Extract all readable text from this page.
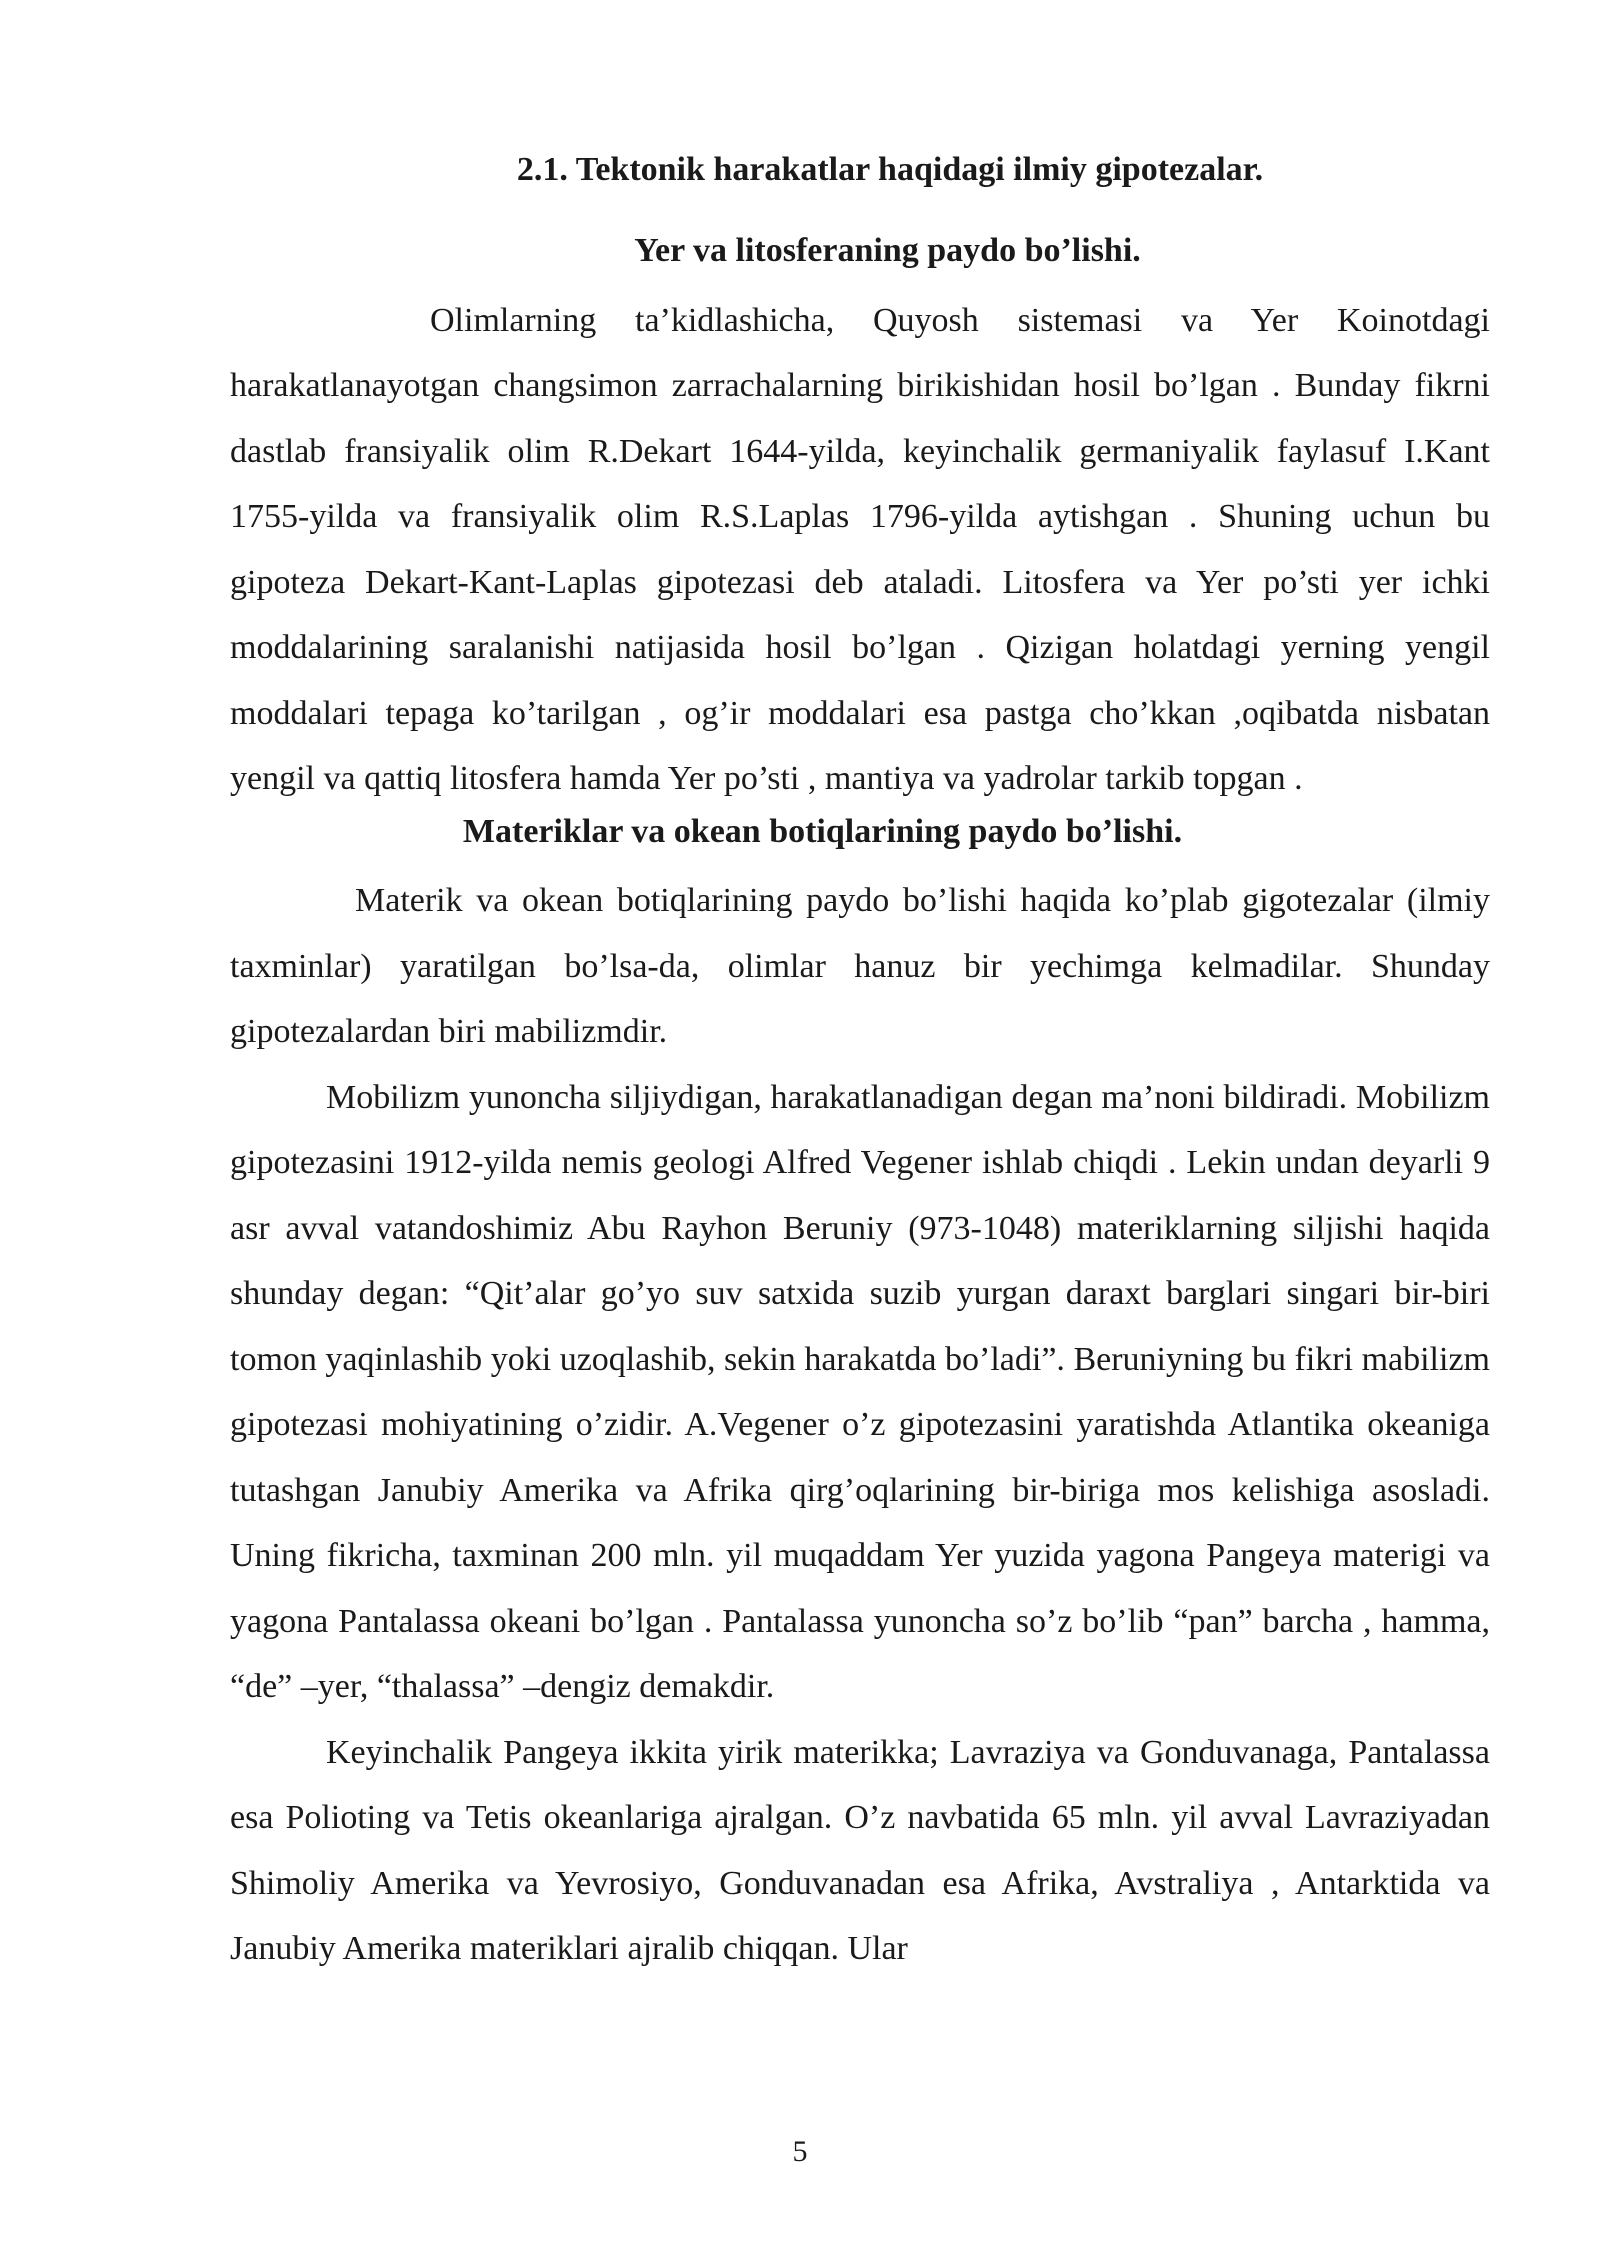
2.1. Tektonik harakatlar haqidagi ilmiy gipotezalar.
Yer va litosferaning paydo bo’lishi.

Olimlarning ta’kidlashicha, Quyosh sistemasi va Yer Koinotdagi harakatlanayotgan changsimon zarrachalarning birikishidan hosil bo’lgan . Bunday fikrni dastlab fransiyalik olim R.Dekart 1644-yilda, keyinchalik germaniyalik faylasuf I.Kant 1755-yilda va fransiyalik olim R.S.Laplas 1796-yilda aytishgan . Shuning uchun bu gipoteza Dekart-Kant-Laplas gipotezasi deb ataladi. Litosfera va Yer po’sti yer ichki moddalarining saralanishi natijasida hosil bo’lgan . Qizigan holatdagi yerning yengil moddalari tepaga ko’tarilgan , og’ir moddalari esa pastga cho’kkan ,oqibatda nisbatan yengil va qattiq litosfera hamda Yer po’sti , mantiya va yadrolar tarkib topgan .

Materiklar va okean botiqlarining paydo bo’lishi.

Materik va okean botiqlarining paydo bo’lishi haqida ko’plab gigotezalar (ilmiy taxminlar) yaratilgan bo’lsa-da, olimlar hanuz bir yechimga kelmadilar. Shunday gipotezalardan biri mabilizmdir.

Mobilizm yunoncha siljiydigan, harakatlanadigan degan ma’noni bildiradi. Mobilizm gipotezasini 1912-yilda nemis geologi Alfred Vegener ishlab chiqdi . Lekin undan deyarli 9 asr avval vatandoshimiz Abu Rayhon Beruniy (973-1048) materiklarning siljishi haqida shunday degan: “Qit’alar go’yo suv satxida suzib yurgan daraxt barglari singari bir-biri tomon yaqinlashib yoki uzoqlashib, sekin harakatda bo’ladi”. Beruniyning bu fikri mabilizm gipotezasi mohiyatining o’zidir. A.Vegener o’z gipotezasini yaratishda Atlantika okeaniga tutashgan Janubiy Amerika va Afrika qirg’oqlarining bir-biriga mos kelishiga asosladi. Uning fikricha, taxminan 200 mln. yil muqaddam Yer yuzida yagona Pangeya materigi va yagona Pantalassa okeani bo’lgan . Pantalassa yunoncha so’z bo’lib “pan” barcha , hamma, “de” –yer, “thalassa” –dengiz demakdir.

Keyinchalik Pangeya ikkita yirik materikka; Lavraziya va Gonduvanaga, Pantalassa esa Polioting va Tetis okeanlariga ajralgan. O’z navbatida 65 mln. yil avval Lavraziyadan Shimoliy Amerika va Yevrosiyo, Gonduvanadan esa Afrika, Avstraliya , Antarktida va Janubiy Amerika materiklari ajralib chiqqan. Ular

5
